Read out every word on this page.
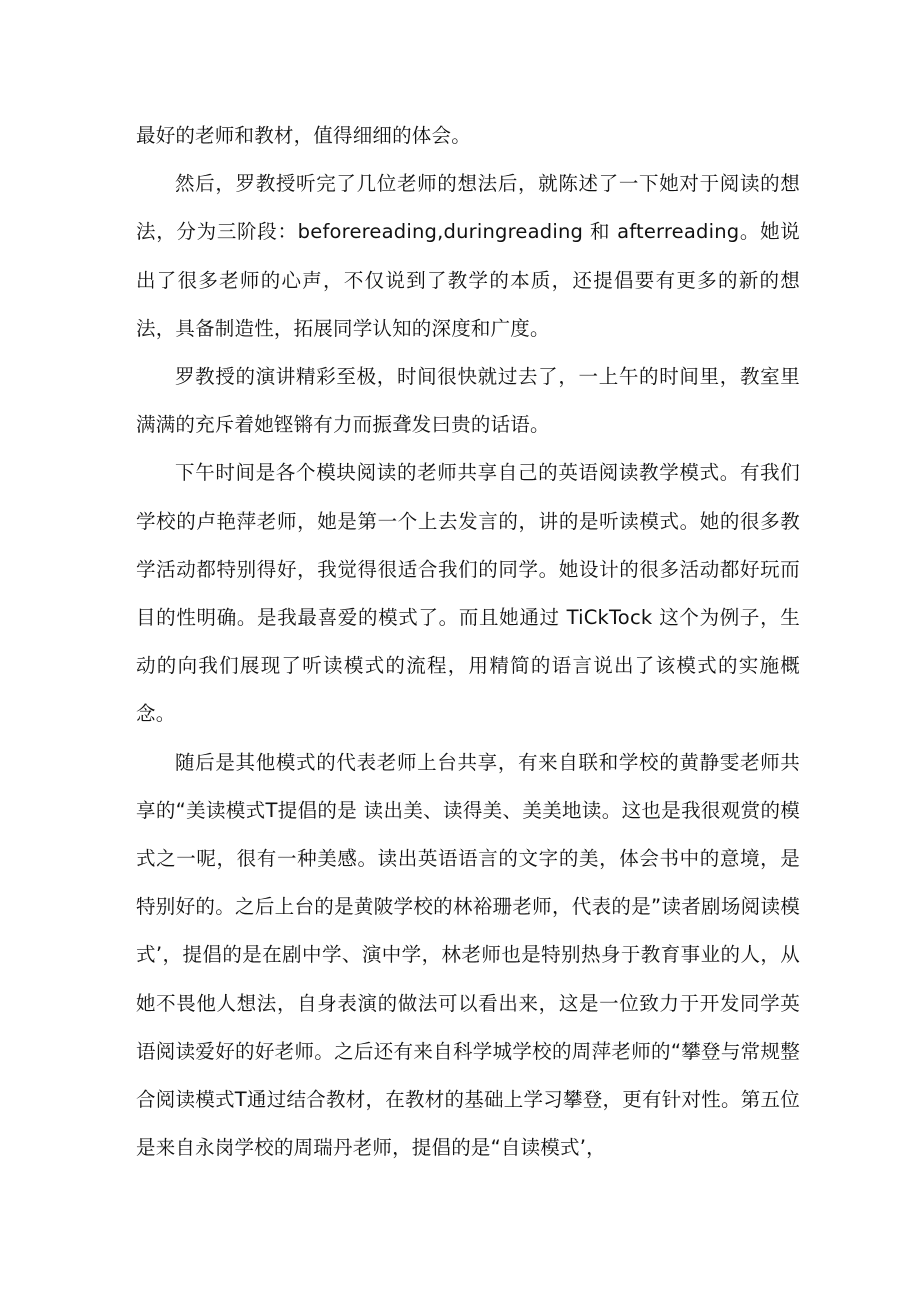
最好的老师和教材，值得细细的体会。

然后，罗教授听完了几位老师的想法后，就陈述了一下她对于阅读的想法，分为三阶段：beforereading,duringreading 和 afterreading。她说出了很多老师的心声，不仅说到了教学的本质，还提倡要有更多的新的想法，具备制造性，拓展同学认知的深度和广度。

罗教授的演讲精彩至极，时间很快就过去了，一上午的时间里，教室里满满的充斥着她铿锵有力而振聋发曰贵的话语。

下午时间是各个模块阅读的老师共享自己的英语阅读教学模式。有我们学校的卢艳萍老师，她是第一个上去发言的，讲的是听读模式。她的很多教学活动都特别得好，我觉得很适合我们的同学。她设计的很多活动都好玩而目的性明确。是我最喜爱的模式了。而且她通过 TiCkTock 这个为例子，生动的向我们展现了听读模式的流程，用精简的语言说出了该模式的实施概念。

随后是其他模式的代表老师上台共享，有来自联和学校的黄静雯老师共享的“美读模式T提倡的是 读出美、读得美、美美地读。这也是我很观赏的模式之一呢，很有一种美感。读出英语语言的文字的美，体会书中的意境，是特别好的。之后上台的是黄陂学校的林裕珊老师，代表的是”读者剧场阅读模式’，提倡的是在剧中学、演中学，林老师也是特别热身于教育事业的人，从她不畏他人想法，自身表演的做法可以看出来，这是一位致力于开发同学英语阅读爱好的好老师。之后还有来自科学城学校的周萍老师的“攀登与常规整合阅读模式T通过结合教材，在教材的基础上学习攀登，更有针对性。第五位是来自永岗学校的周瑞丹老师，提倡的是“自读模式’，
